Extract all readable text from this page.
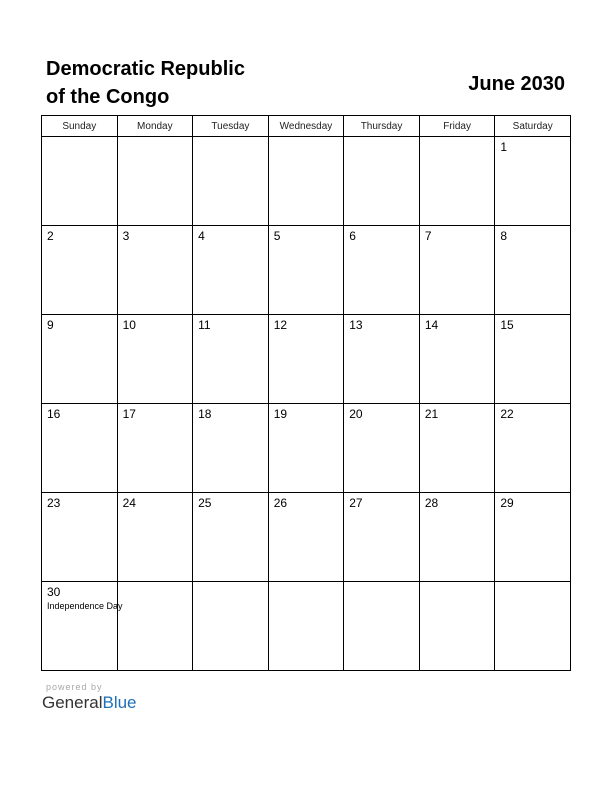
Democratic Republic
of the Congo
June 2030
Sunday	Monday	Tuesday	Wednesday	Thursday	Friday	Saturday

						1

2	3	4	5	6	7	8

9	10	11	12	13	14	15

16	17	18	19	20	21	22

23	24	25	26	27	28	29

30
Independence Day						

powered by
GeneralBlue
